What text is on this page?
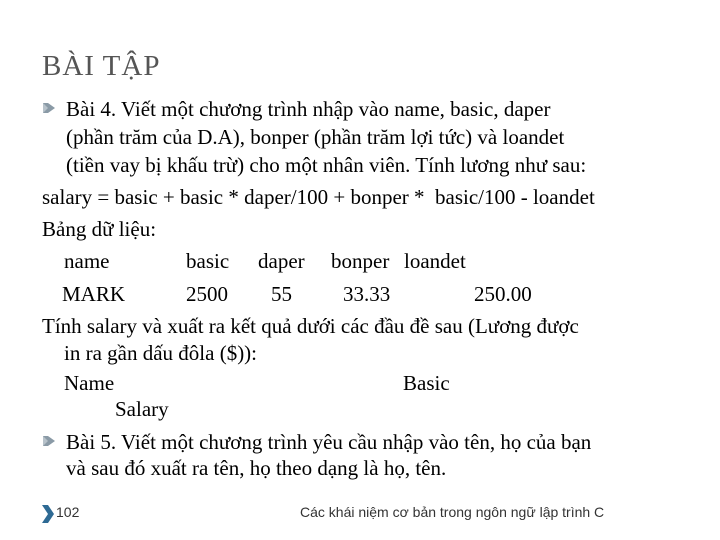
BÀI TẬP
Bài 4. Viết một chương trình nhập vào name, basic, daper
(phần trăm của D.A), bonper (phần trăm lợi tức) và loandet
(tiền vay bị khấu trừ) cho một nhân viên. Tính lương như sau:
salary = basic + basic * daper/100 + bonper *  basic/100 - loandet
Bảng dữ liệu:
name	basic daper bonper loandet
MARK	2500 55 33.33	250.00
Tính salary và xuất ra kết quả dưới các đầu đề sau (Lương được
in ra gần dấu đôla ($)):
Name	Basic
Salary
Bài 5. Viết một chương trình yêu cầu nhập vào tên, họ của bạn
và sau đó xuất ra tên, họ theo dạng là họ, tên.
102	Các khái niệm cơ bản trong ngôn ngữ lập trình C
